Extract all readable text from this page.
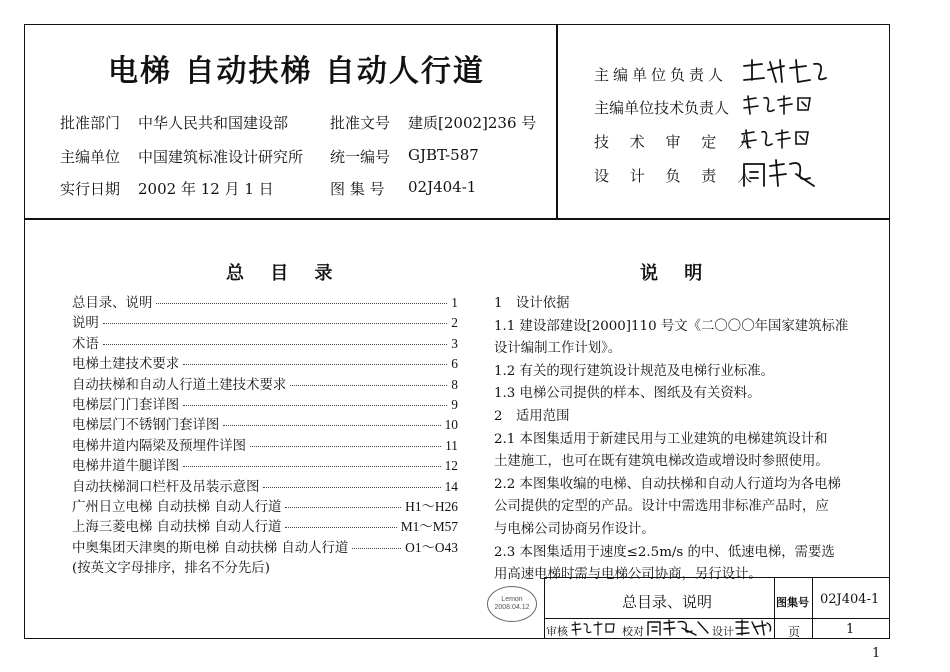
电梯 自动扶梯 自动人行道
批准部门 中华人民共和国建设部	批准文号 建质[2002]236 号
主编单位 中国建筑标准设计研究所 统一编号 GJBT-587
实行日期 2002 年 12 月 1 日	图 集 号 02J404-1
主编单位负责人
主编单位技术负责人
技 术 审 定 人
设 计 负 责 人
总 目 录
总目录、说明	1
说明	2
术语	3
电梯土建技术要求	6
自动扶梯和自动人行道土建技术要求	8
电梯层门门套详图	9
电梯层门不锈钢门套详图	10
电梯井道内隔梁及预埋件详图	11
电梯井道牛腿详图	12
自动扶梯洞口栏杆及吊装示意图	14
广州日立电梯 自动扶梯 自动人行道	H1～H26
上海三菱电梯 自动扶梯 自动人行道	M1～M57
中奥集团天津奥的斯电梯 自动扶梯 自动人行道	O1～O43
(按英文字母排序，排名不分先后)
说 明
1　设计依据
1.1 建设部建设[2000]110 号文《二〇〇〇年国家建筑标准
设计编制工作计划》。
1.2 有关的现行建筑设计规范及电梯行业标准。
1.3 电梯公司提供的样本、图纸及有关资料。
2　适用范围
2.1 本图集适用于新建民用与工业建筑的电梯建筑设计和
土建施工，也可在既有建筑电梯改造或增设时参照使用。
2.2 本图集收编的电梯、自动扶梯和自动人行道均为各电梯
公司提供的定型的产品。设计中需选用非标准产品时，应
与电梯公司协商另作设计。
2.3 本图集适用于速度≤2.5m/s 的中、低速电梯，需要选
用高速电梯时需与电梯公司协商，另行设计。
总目录、说明	图集号 02J404-1
审核	校对	设计	页	1
Lemon
2008.04.12
1
